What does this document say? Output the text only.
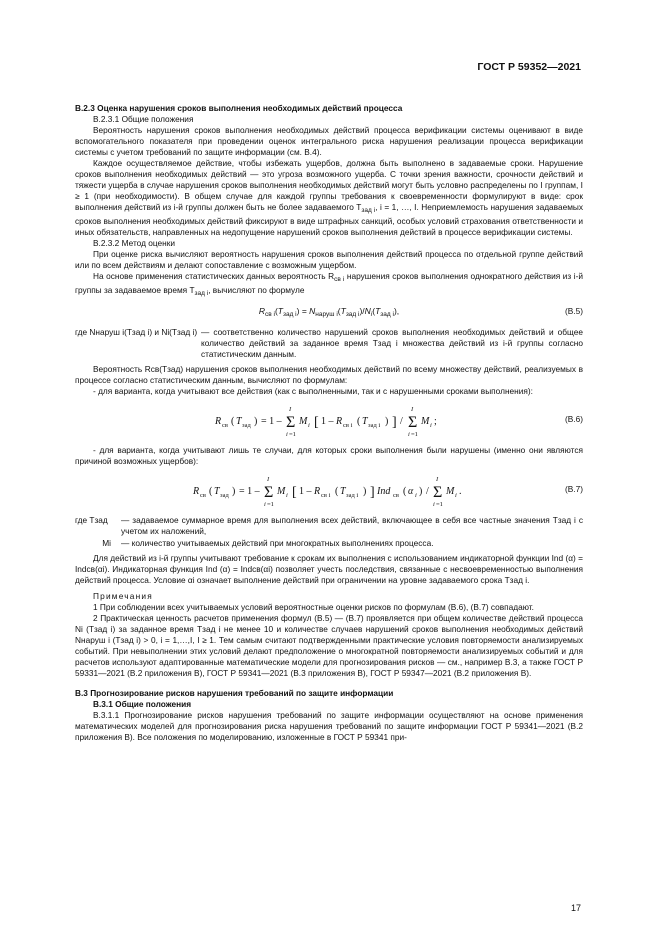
ГОСТ Р 59352—2021

В.2.3 Оценка нарушения сроков выполнения необходимых действий процесса

В.2.3.1 Общие положения

Вероятность нарушения сроков выполнения необходимых действий процесса верификации системы оценивают в виде вспомогательного показателя при проведении оценок интегрального риска нарушения реализации процесса верификации системы с учетом требований по защите информации (см. В.4).

Каждое осуществляемое действие, чтобы избежать ущербов, должна быть выполнено в задаваемые сроки. Нарушение сроков выполнения необходимых действий — это угроза возможного ущерба. С точки зрения важности, срочности действий и тяжести ущерба в случае нарушения сроков выполнения необходимых действий могут быть условно распределены по I группам, I ≥ 1 (при необходимости). В общем случае для каждой группы требования к своевременности формулируют в виде: срок выполнения действий из i-й группы должен быть не более задаваемого $T_{зад i}$, i = 1, …, I. Неприемлемость нарушения задаваемых сроков выполнения необходимых действий фиксируют в виде штрафных санкций, особых условий страхования ответственности и иных обязательств, направленных на недопущение нарушений сроков выполнения действий в процессе верификации системы.

В.2.3.2 Метод оценки

При оценке риска вычисляют вероятность нарушения сроков выполнения действий процесса по отдельной группе действий или по всем действиям и делают сопоставление с возможным ущербом.

На основе применения статистических данных вероятность $R_{св i}$ нарушения сроков выполнения однократного действия из i-й группы за задаваемое время $T_{зад i}$, вычисляют по формуле

$R_{св i}(T_{зад i}) = N_{наруш i}(T_{зад i})/N_i(T_{зад i})$,	(В.5)
где Nнаруш i(Tзад i) и Ni(Tзад i) — соответственно количество нарушений сроков выполнения необходимых действий и общее количество действий за заданное время Tзад i множества действий из i-й группы согласно статистическим данным.

Вероятность Rсв(Tзад) нарушения сроков выполнения необходимых действий по всему множеству действий, реализуемых в процессе согласно статистическим данным, вычисляют по формулам:

- для варианта, когда учитывают все действия (как с выполненными, так и с нарушенными сроками выполнения):

R св ( T зад ) = 1 – Σ
I
i =1
M i [ 1 – R св i ( T зад i ) ] / Σ
I
i =1
M i ;	(В.6)

- для варианта, когда учитывают лишь те случаи, для которых сроки выполнения были нарушены (именно они являются причиной возможных ущербов):

R св ( T зад ) = 1 – Σ
I
i =1
M i [ 1 – R св i ( T зад i ) ] Ind св ( α i ) / Σ
I
i =1
M i .	(В.7)
где Tзад	— задаваемое суммарное время для выполнения всех действий, включающее в себя все частные значения Tзад i с учетом их наложений,
Mi	— количество учитываемых действий при многократных выполнениях процесса.

Для действий из i-й группы учитывают требование к срокам их выполнения с использованием индикаторной функции Ind (α) = Indсв(αi). Индикаторная функция Ind (α) = Indсв(αi) позволяет учесть последствия, связанные с несвоевременностью выполнения действий процесса. Условие αi означает выполнение действий при ограничении на уровне задаваемого срока Tзад i.

Примечания

1 При соблюдении всех учитываемых условий вероятностные оценки рисков по формулам (В.6), (В.7) совпадают.

2 Практическая ценность расчетов применения формул (В.5) — (В.7) проявляется при общем количестве действий процесса Ni (Tзад i) за заданное время Tзад i не менее 10 и количестве случаев нарушений сроков выполнения необходимых действий Nнаруш i (Tзад i) > 0, i = 1,…,I, I ≥ 1. Тем самым считают подтвержденными практические условия повторяемости анализируемых событий. При невыполнении этих условий делают предположение о многократной повторяемости анализируемых событий и для расчетов используют адаптированные математические модели для прогнозирования рисков — см., например В.3, а также ГОСТ Р 59331—2021 (В.2 приложения В), ГОСТ Р 59341—2021 (В.3 приложения В), ГОСТ Р 59347—2021 (В.2 приложения В).

В.3 Прогнозирование рисков нарушения требований по защите информации

В.3.1 Общие положения

В.3.1.1 Прогнозирование рисков нарушения требований по защите информации осуществляют на основе применения математических моделей для прогнозирования риска нарушения требований по защите информации ГОСТ Р 59341—2021 (В.2 приложения В). Все положения по моделированию, изложенные в ГОСТ Р 59341 при-

17
